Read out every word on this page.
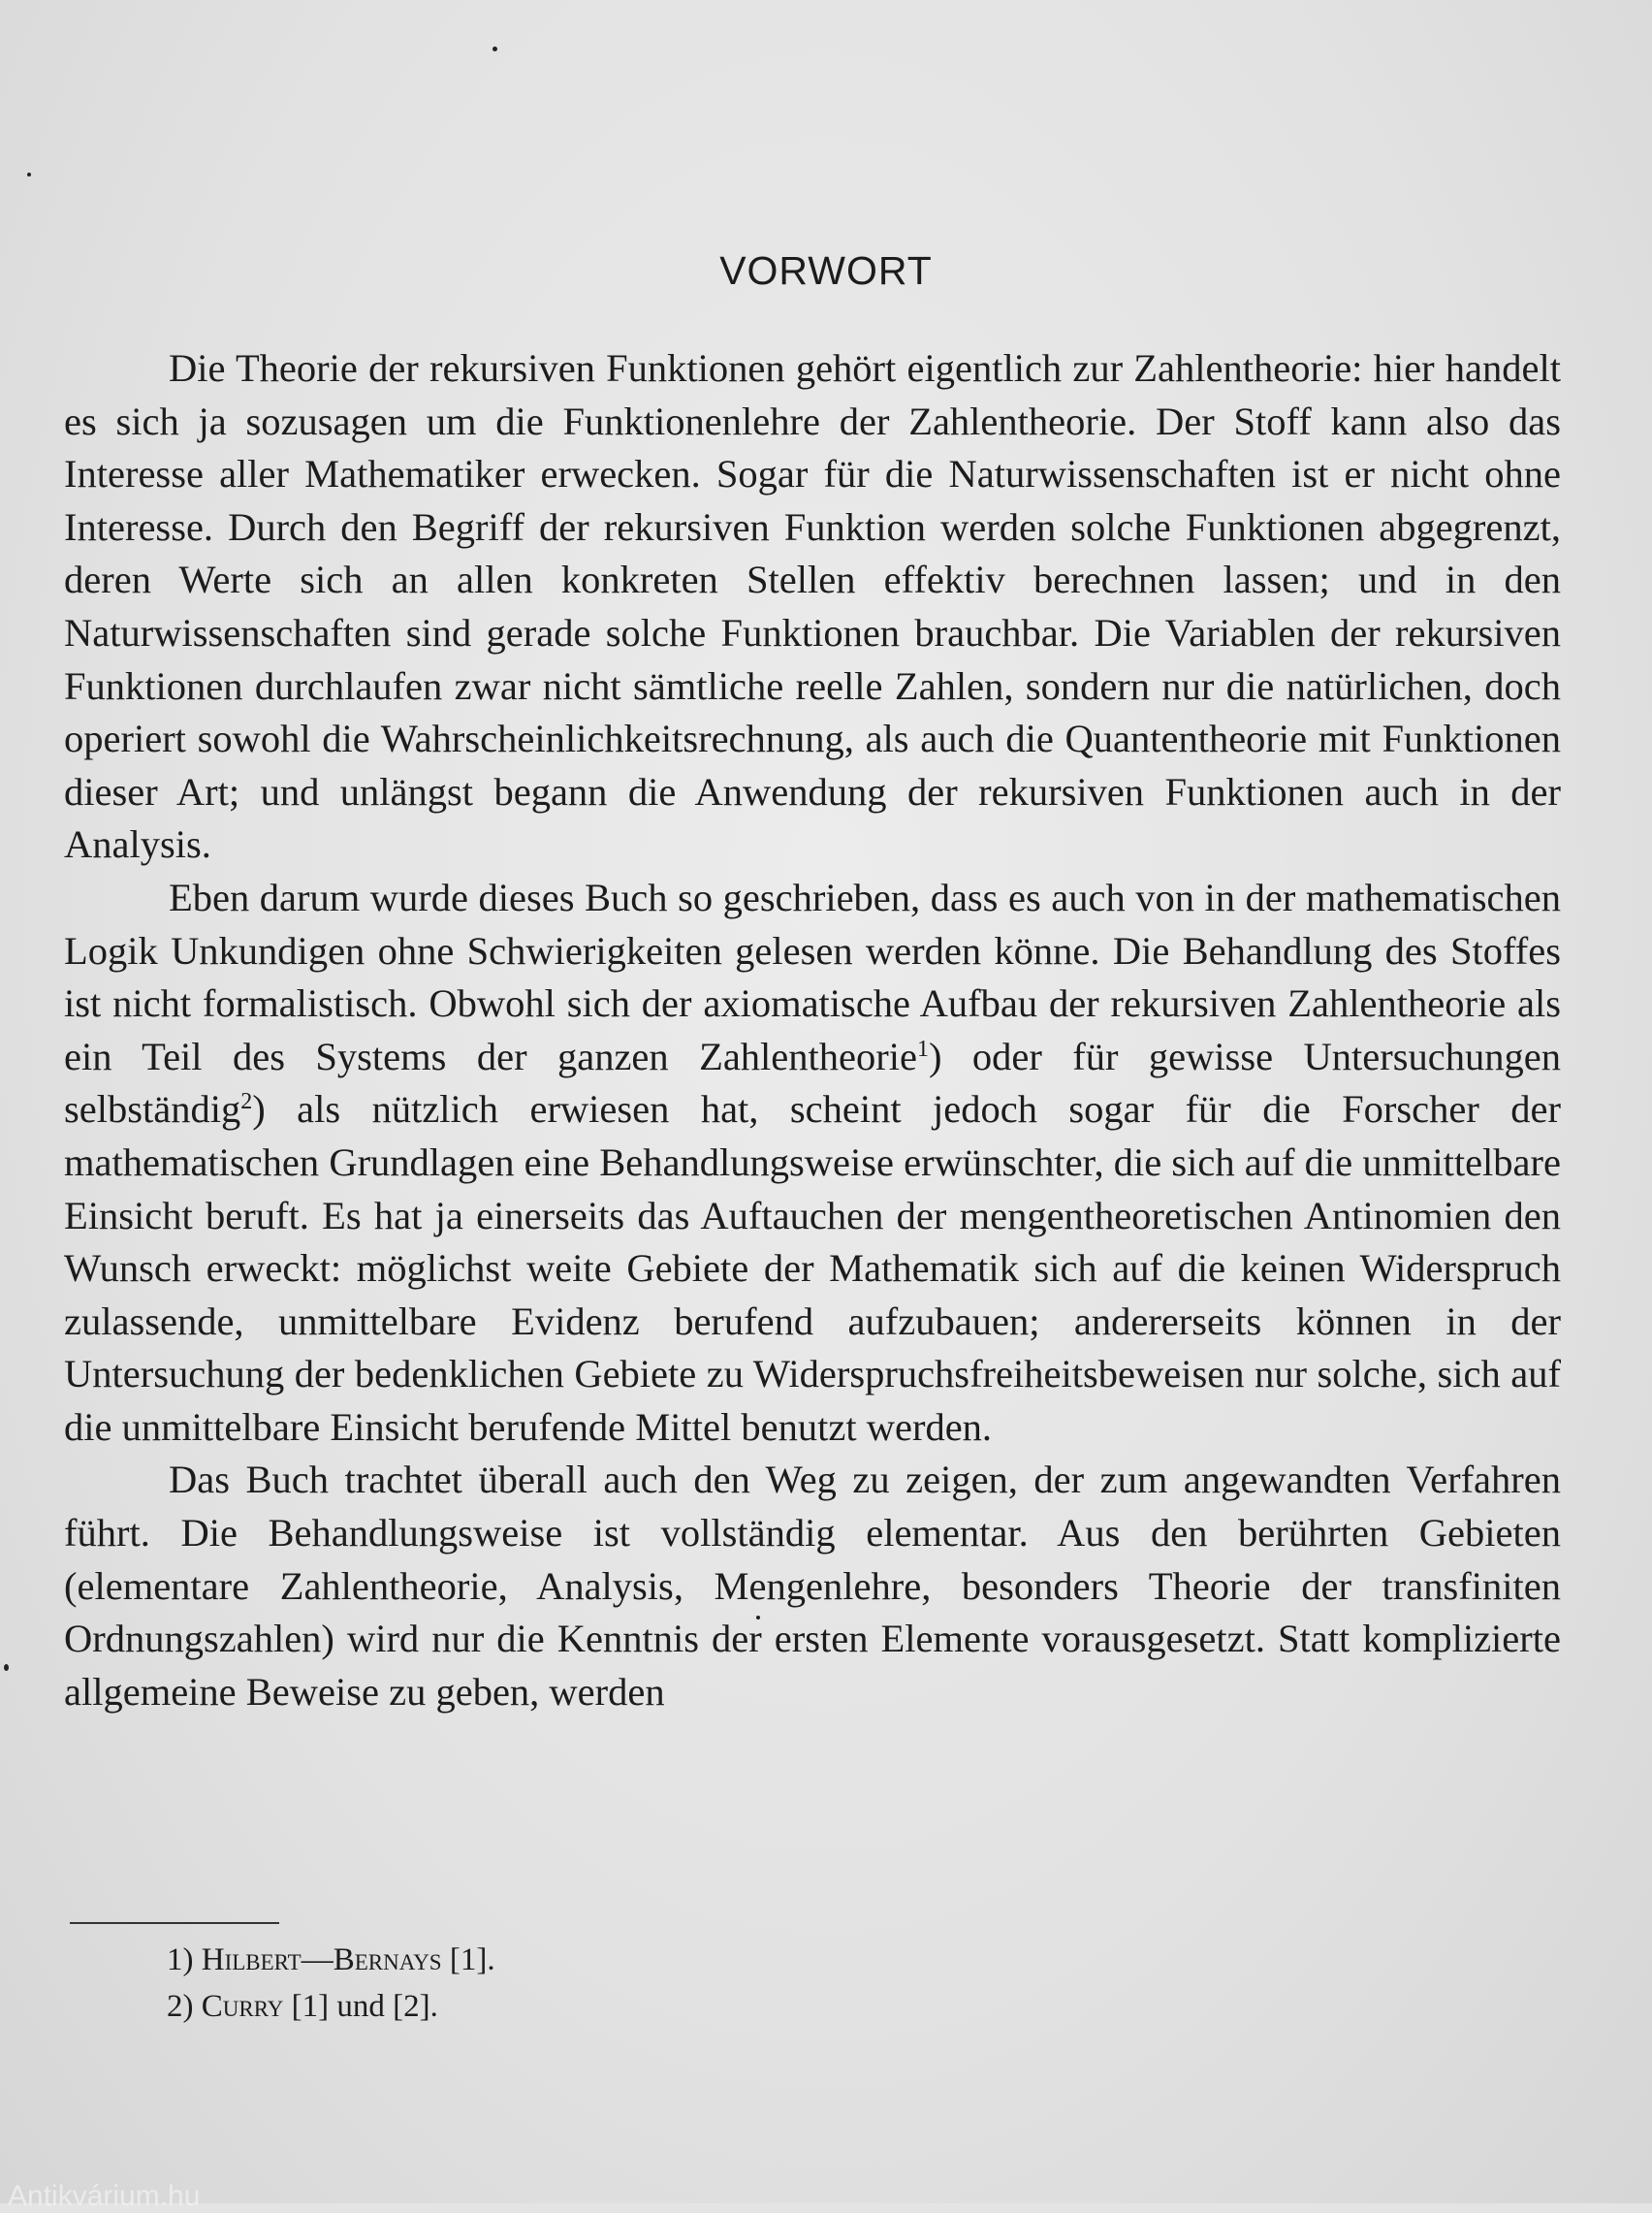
VORWORT

Die Theorie der rekursiven Funktionen gehört eigentlich zur Zahlentheorie: hier handelt es sich ja sozusagen um die Funktionenlehre der Zahlentheorie. Der Stoff kann also das Interesse aller Mathematiker erwecken. Sogar für die Naturwissenschaften ist er nicht ohne Interesse. Durch den Begriff der rekursiven Funktion werden solche Funktionen abgegrenzt, deren Werte sich an allen konkreten Stellen effektiv berechnen lassen; und in den Naturwissenschaften sind gerade solche Funktionen brauchbar. Die Variablen der rekursiven Funktionen durchlaufen zwar nicht sämtliche reelle Zahlen, sondern nur die natürlichen, doch operiert sowohl die Wahrscheinlichkeitsrechnung, als auch die Quantentheorie mit Funktionen dieser Art; und unlängst begann die Anwendung der rekursiven Funktionen auch in der Analysis.

Eben darum wurde dieses Buch so geschrieben, dass es auch von in der mathematischen Logik Unkundigen ohne Schwierigkeiten gelesen werden könne. Die Behandlung des Stoffes ist nicht formalistisch. Obwohl sich der axiomatische Aufbau der rekursiven Zahlentheorie als ein Teil des Systems der ganzen Zahlentheorie$^1$) oder für gewisse Untersuchungen selbständig$^2$) als nützlich erwiesen hat, scheint jedoch sogar für die Forscher der mathematischen Grundlagen eine Behandlungsweise erwünschter, die sich auf die unmittelbare Einsicht beruft. Es hat ja einerseits das Auftauchen der mengentheoretischen Antinomien den Wunsch erweckt: möglichst weite Gebiete der Mathematik sich auf die keinen Widerspruch zulassende, unmittelbare Evidenz berufend aufzubauen; andererseits können in der Untersuchung der bedenklichen Gebiete zu Widerspruchsfreiheitsbeweisen nur solche, sich auf die unmittelbare Einsicht berufende Mittel benutzt werden.

Das Buch trachtet überall auch den Weg zu zeigen, der zum angewandten Verfahren führt. Die Behandlungsweise ist vollständig elementar. Aus den berührten Gebieten (elementare Zahlentheorie, Analysis, Mengenlehre, besonders Theorie der transfiniten Ordnungszahlen) wird nur die Kenntnis der ersten Elemente vorausgesetzt. Statt komplizierte allgemeine Beweise zu geben, werden

1) Hilbert—Bernays [1].
2) Curry [1] und [2].
Antikvárium.hu
